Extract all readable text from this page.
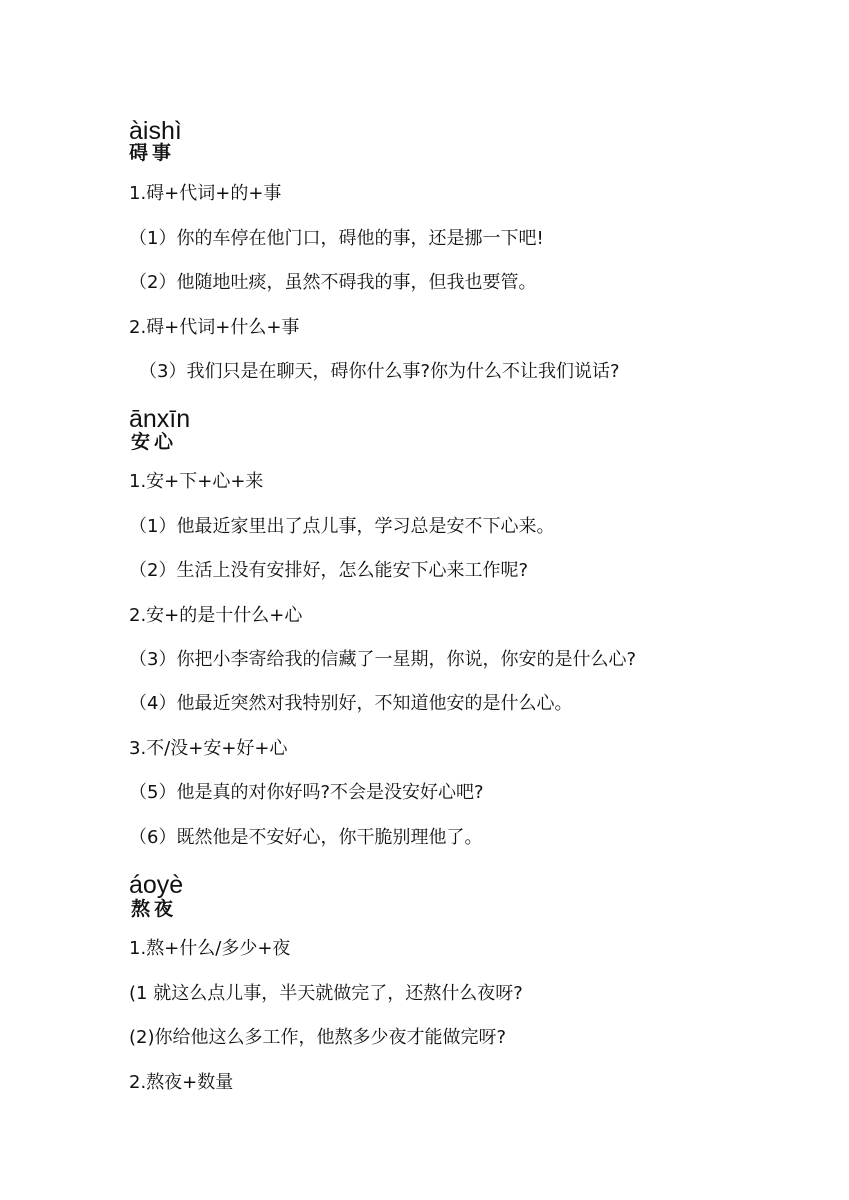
àishì
碍事
1.碍+代词+的+事
（1）你的车停在他门口，碍他的事，还是挪一下吧!
（2）他随地吐痰，虽然不碍我的事，但我也要管。
2.碍+代词+什么+事
（3）我们只是在聊天，碍你什么事?你为什么不让我们说话?
ānxīn
安心
1.安+下+心+来
（1）他最近家里出了点儿事，学习总是安不下心来。
（2）生活上没有安排好，怎么能安下心来工作呢?
2.安+的是十什么+心
（3）你把小李寄给我的信藏了一星期，你说，你安的是什么心?
（4）他最近突然对我特别好，不知道他安的是什么心。
3.不/没+安+好+心
（5）他是真的对你好吗?不会是没安好心吧?
（6）既然他是不安好心，你干脆别理他了。
áoyè
熬夜
1.熬+什么/多少+夜
(1 就这么点儿事，半天就做完了，还熬什么夜呀?
(2)你给他这么多工作，他熬多少夜才能做完呀?
2.熬夜+数量
